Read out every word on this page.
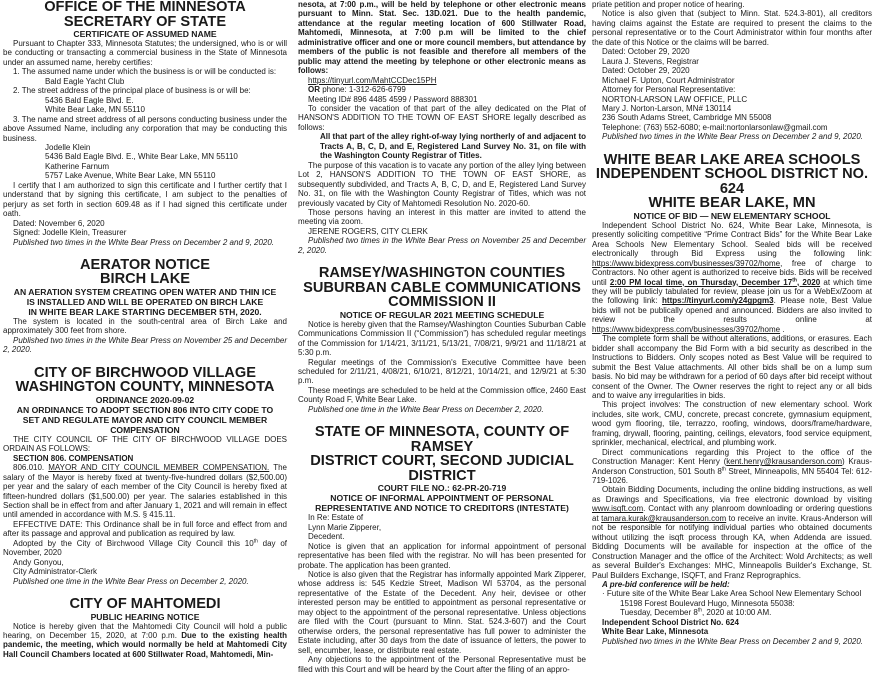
OFFICE OF THE MINNESOTA
SECRETARY OF STATE
CERTIFICATE OF ASSUMED NAME

Pursuant to Chapter 333, Minnesota Statutes; the undersigned, who is or will be conducting or transacting a commercial business in the State of Minnesota under an assumed name, hereby certifies:

1. The assumed name under which the business is or will be conducted is:

Bald Eagle Yacht Club

2. The street address of the principal place of business is or will be:

5436 Bald Eagle Blvd. E.

White Bear Lake, MN 55110

3. The name and street address of all persons conducting business under the above Assumed Name, including any corporation that may be conducting this business.

Jodelle Klein

5436 Bald Eagle Blvd. E., White Bear Lake, MN 55110

Katherine Farnum

5757 Lake Avenue, White Bear Lake, MN 55110

I certify that I am authorized to sign this certificate and I further certify that I understand that by signing this certificate, I am subject to the penalties of perjury as set forth in section 609.48 as if I had signed this certificate under oath.

Dated: November 6, 2020

Signed: Jodelle Klein, Treasurer

Published two times in the White Bear Press on December 2 and 9, 2020.

AERATOR NOTICE
BIRCH LAKE
AN AERATION SYSTEM CREATING OPEN WATER AND THIN ICE
IS INSTALLED AND WILL BE OPERATED ON BIRCH LAKE
IN WHITE BEAR LAKE STARTING DECEMBER 5TH, 2020.

The system is located in the south-central area of Birch Lake and approximately 300 feet from shore.

Published two times in the White Bear Press on November 25 and December 2, 2020.

CITY OF BIRCHWOOD VILLAGE
WASHINGTON COUNTY, MINNESOTA
ORDINANCE 2020-09-02
AN ORDINANCE TO ADOPT SECTION 806 INTO CITY CODE TO
SET AND REGULATE MAYOR AND CITY COUNCIL MEMBER
COMPENSATION

THE CITY COUNCIL OF THE CITY OF BIRCHWOOD VILLAGE DOES ORDAIN AS FOLLOWS:

SECTION 806. COMPENSATION

806.010. MAYOR AND CITY COUNCIL MEMBER COMPENSATION. The salary of the Mayor is hereby fixed at twenty-five-hundred dollars ($2,500.00) per year and the salary of each member of the City Council is hereby fixed at fifteen-hundred dollars ($1,500.00) per year. The salaries established in this Section shall be in effect from and after January 1, 2021 and will remain in effect until amended in accordance with M.S. § 415.11.

EFFECTIVE DATE: This Ordinance shall be in full force and effect from and after its passage and approval and publication as required by law.

Adopted by the City of Birchwood Village City Council this 10th day of November, 2020

Andy Gonyou,

City Administrator-Clerk

Published one time in the White Bear Press on December 2, 2020.

CITY OF MAHTOMEDI
PUBLIC HEARING NOTICE

Notice is hereby given that the Mahtomedi City Council will hold a public hearing, on December 15, 2020, at 7:00 p.m. Due to the existing health pandemic, the meeting, which would normally be held at Mahtomedi City Hall Council Chambers located at 600 Stillwater Road, Mahtomedi, Min-

nesota, at 7:00 p.m., will be held by telephone or other electronic means pursuant to Minn. Stat. Sec. 13D.021. Due to the health pandemic, attendance at the regular meeting location of 600 Stillwater Road, Mahtomedi, Minnesota, at 7:00 p.m will be limited to the chief administrative officer and one or more council members, but attendance by members of the public is not feasible and therefore all members of the public may attend the meeting by telephone or other electronic means as follows:

https://tinyurl.com/MahtCCDec15PH

OR phone: 1-312-626-6799

Meeting ID# 896 4485 4599 / Password 888301

To consider the vacation of that part of the alley dedicated on the Plat of HANSON'S ADDITION TO THE TOWN OF EAST SHORE legally described as follows:

All that part of the alley right-of-way lying northerly of and adjacent to Tracts A, B, C, D, and E, Registered Land Survey No. 31, on file with the Washington County Registrar of Titles.

The purpose of this vacation is to vacate any portion of the alley lying between Lot 2, HANSON'S ADDITION TO THE TOWN OF EAST SHORE, as subsequently subdivided, and Tracts A, B, C, D, and E, Registered Land Survey No. 31, on file with the Washington County Registrar of Titles, which was not previously vacated by City of Mahtomedi Resolution No. 2020-60.

Those persons having an interest in this matter are invited to attend the meeting via zoom.

JERENE ROGERS, CITY CLERK

Published two times in the White Bear Press on November 25 and December 2, 2020.

RAMSEY/WASHINGTON COUNTIES
SUBURBAN CABLE COMMUNICATIONS
COMMISSION II
NOTICE OF REGULAR 2021 MEETING SCHEDULE

Notice is hereby given that the Ramsey/Washington Counties Suburban Cable Communications Commission II (“Commission”) has scheduled regular meetings of the Commission for 1/14/21, 3/11/21, 5/13/21, 7/08/21, 9/9/21 and 11/18/21 at 5:30 p.m.

Regular meetings of the Commission's Executive Committee have been scheduled for 2/11/21, 4/08/21, 6/10/21, 8/12/21, 10/14/21, and 12/9/21 at 5:30 p.m.

These meetings are scheduled to be held at the Commission office, 2460 East County Road F, White Bear Lake.

Published one time in the White Bear Press on December 2, 2020.

STATE OF MINNESOTA, COUNTY OF RAMSEY
DISTRICT COURT, SECOND JUDICIAL DISTRICT
COURT FILE NO.: 62-PR-20-719
NOTICE OF INFORMAL APPOINTMENT OF PERSONAL
REPRESENTATIVE AND NOTICE TO CREDITORS (INTESTATE)

In Re: Estate of

Lynn Marie Zipperer,

Decedent.

Notice is given that an application for informal appointment of personal representative has been filed with the registrar. No will has been presented for probate. The application has been granted.

Notice is also given that the Registrar has informally appointed Mark Zipperer, whose address is: 545 Kedzie Street, Madison WI 53704, as the personal representative of the Estate of the Decedent. Any heir, devisee or other interested person may be entitled to appointment as personal representative or may object to the appointment of the personal representative. Unless objections are filed with the Court (pursuant to Minn. Stat. 524.3-607) and the Court otherwise orders, the personal representative has full power to administer the Estate including, after 30 days from the date of issuance of letters, the power to sell, encumber, lease, or distribute real estate.

Any objections to the appointment of the Personal Representative must be filed with this Court and will be heard by the Court after the filing of an appro-

priate petition and proper notice of hearing.

Notice is also given that (subject to Minn. Stat. 524.3-801), all creditors having claims against the Estate are required to present the claims to the personal representative or to the Court Administrator within four months after the date of this Notice or the claims will be barred.

Dated: October 29, 2020

Laura J. Stevens, Registrar

Dated: October 29, 2020

Michael F. Upton, Court Administrator

Attorney for Personal Representative:

NORTON-LARSON LAW OFFICE, PLLC

Mary J. Norton-Larson, MN# 130114

236 South Adams Street, Cambridge MN 55008

Telephone: (763) 552-6080; e-mail:nortonlarsonlaw@gmail.com

Published two times in the White Bear Press on December 2 and 9, 2020.

WHITE BEAR LAKE AREA SCHOOLS
INDEPENDENT SCHOOL DISTRICT NO. 624
WHITE BEAR LAKE, MN
NOTICE OF BID — NEW ELEMENTARY SCHOOL

Independent School District No. 624, White Bear Lake, Minnesota, is presently soliciting competitive “Prime Contract Bids” for the White Bear Lake Area Schools New Elementary School. Sealed bids will be received electronically through Bid Express using the following link: https://www.bidexpress.com/businesses/39702/home, free of charge to Contractors. No other agent is authorized to receive bids. Bids will be received until 2:00 PM local time, on Thursday, December 17th, 2020 at which time they will be publicly tabulated for review, please join us for a WebEx/Zoom at the following link: https://tinyurl.com/y24gpgm3. Please note, Best Value bids will not be publically opened and announced. Bidders are also invited to review the results online at https://www.bidexpress.com/businesses/39702/home .

The complete form shall be without alterations, additions, or erasures. Each bidder shall accompany the Bid Form with a bid security as described in the Instructions to Bidders. Only scopes noted as Best Value will be required to submit the Best Value attachments. All other bids shall be on a lump sum basis. No bid may be withdrawn for a period of 60 days after bid receipt without consent of the Owner. The Owner reserves the right to reject any or all bids and to waive any irregularities in bids.

This project involves: The construction of new elementary school. Work includes, site work, CMU, concrete, precast concrete, gymnasium equipment, wood gym flooring, tile, terrazzo, roofing, windows, doors/frame/hardware, framing, drywall, flooring, painting, ceilings, elevators, food service equipment, sprinkler, mechanical, electrical, and plumbing work.

Direct communications regarding this Project to the office of the Construction Manager: Kent Henry (kent.henry@krausanderson.com) Kraus-Anderson Construction, 501 South 8th Street, Minneapolis, MN 55404 Tel: 612-719-1026.

Obtain Bidding Documents, including the online bidding instructions, as well as Drawings and Specifications, via free electronic download by visiting www.isqft.com. Contact with any planroom downloading or ordering questions at tamara.kurak@krausanderson.com to receive an invite. Kraus-Anderson will not be responsible for notifying individual parties who obtained documents without utilizing the isqft process through KA, when Addenda are issued. Bidding Documents will be available for inspection at the office of the Construction Manager and the office of the Architect: Wold Architects; as well as several Builder's Exchanges: MHC, Minneapolis Builder's Exchange, St. Paul Builders Exchange, ISQFT, and Franz Reprographics.

A pre-bid conference will be held:

· Future site of the White Bear Lake Area School New Elementary School

15198 Forest Boulevard Hugo, Minnesota 55038:

Tuesday, December 8th, 2020 at 10:00 AM.

Independent School District No. 624

White Bear Lake, Minnesota

Published two times in the White Bear Press on December 2 and 9, 2020.
